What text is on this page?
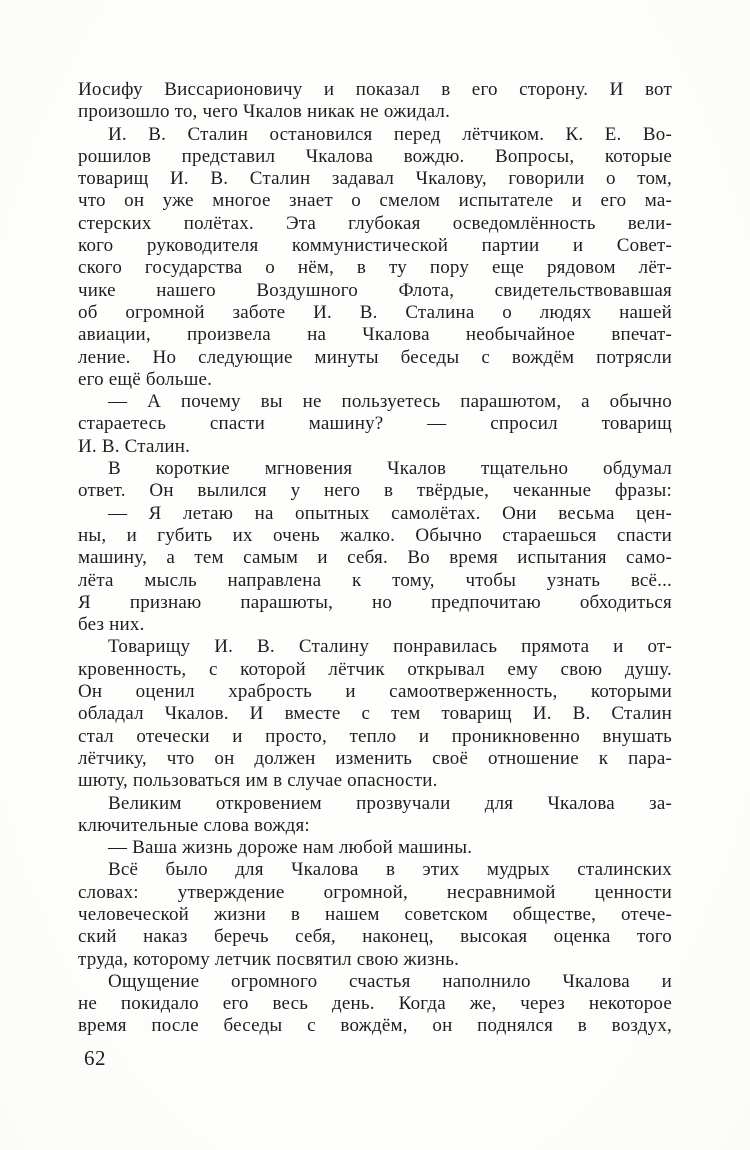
Иосифу Виссарионовичу и показал в его сторону. И вот
произошло то, чего Чкалов никак не ожидал.
И. В. Сталин остановился перед лётчиком. К. Е. Во-
рошилов представил Чкалова вождю. Вопросы, которые
товарищ И. В. Сталин задавал Чкалову, говорили о том,
что он уже многое знает о смелом испытателе и его ма-
стерских полётах. Эта глубокая осведомлённость вели-
кого руководителя коммунистической партии и Совет-
ского государства о нём, в ту пору еще рядовом лёт-
чике нашего Воздушного Флота, свидетельствовавшая
об огромной заботе И. В. Сталина о людях нашей
авиации, произвела на Чкалова необычайное впечат-
ление. Но следующие минуты беседы с вождём потрясли
его ещё больше.
— А почему вы не пользуетесь парашютом, а обычно
стараетесь спасти машину? — спросил товарищ
И. В. Сталин.
В короткие мгновения Чкалов тщательно обдумал
ответ. Он вылился у него в твёрдые, чеканные фразы:
— Я летаю на опытных самолётах. Они весьма цен-
ны, и губить их очень жалко. Обычно стараешься спасти
машину, а тем самым и себя. Во время испытания само-
лёта мысль направлена к тому, чтобы узнать всё...
Я признаю парашюты, но предпочитаю обходиться
без них.
Товарищу И. В. Сталину понравилась прямота и от-
кровенность, с которой лётчик открывал ему свою душу.
Он оценил храбрость и самоотверженность, которыми
обладал Чкалов. И вместе с тем товарищ И. В. Сталин
стал отечески и просто, тепло и проникновенно внушать
лётчику, что он должен изменить своё отношение к пара-
шюту, пользоваться им в случае опасности.
Великим откровением прозвучали для Чкалова за-
ключительные слова вождя:
— Ваша жизнь дороже нам любой машины.
Всё было для Чкалова в этих мудрых сталинских
словах: утверждение огромной, несравнимой ценности
человеческой жизни в нашем советском обществе, отече-
ский наказ беречь себя, наконец, высокая оценка того
труда, которому летчик посвятил свою жизнь.
Ощущение огромного счастья наполнило Чкалова и
не покидало его весь день. Когда же, через некоторое
время после беседы с вождём, он поднялся в воздух,
62
